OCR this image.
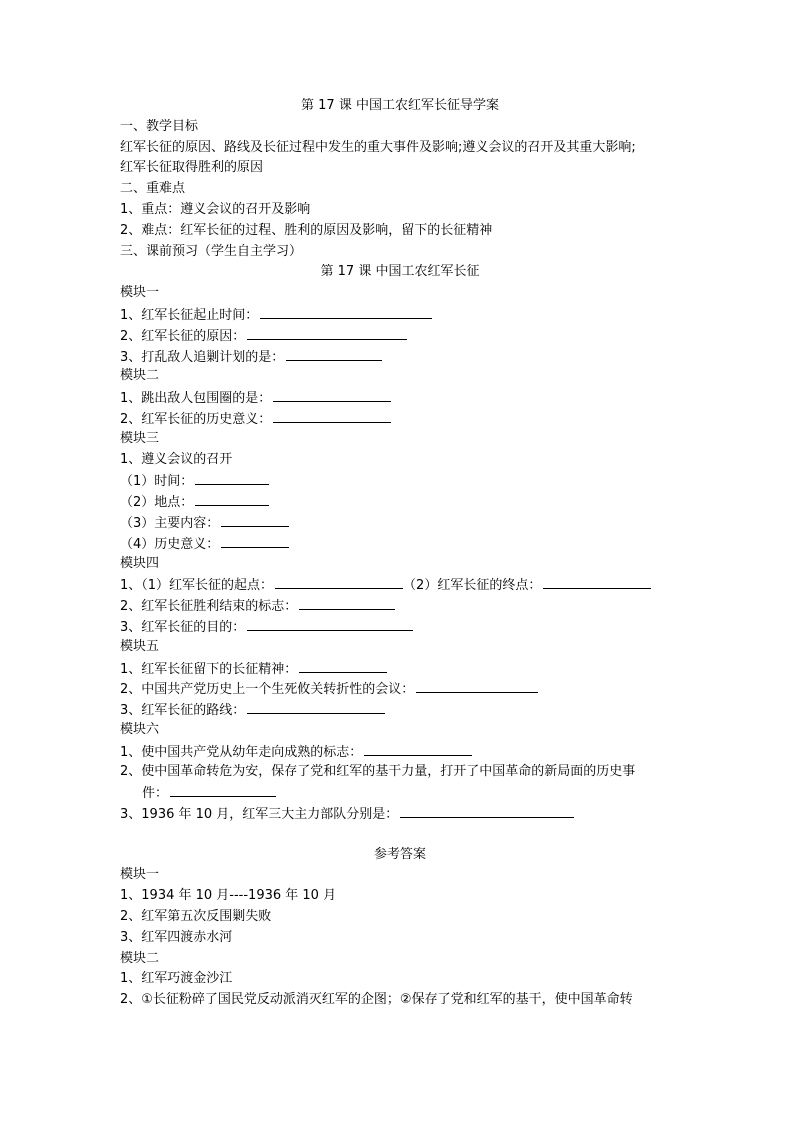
第 17 课 中国工农红军长征导学案
一、教学目标
红军长征的原因、路线及长征过程中发生的重大事件及影响;遵义会议的召开及其重大影响;
红军长征取得胜利的原因
二、重难点
1、重点：遵义会议的召开及影响
2、难点：红军长征的过程、胜利的原因及影响，留下的长征精神
三、课前预习（学生自主学习）
第 17 课 中国工农红军长征
模块一
1、红军长征起止时间：
2、红军长征的原因：
3、打乱敌人追剿计划的是：
模块二
1、跳出敌人包围圈的是：
2、红军长征的历史意义：
模块三
1、遵义会议的召开
（1）时间：
（2）地点：
（3）主要内容：
（4）历史意义：
模块四
1、（1）红军长征的起点：	（2）红军长征的终点：
2、红军长征胜利结束的标志：
3、红军长征的目的：
模块五
1、红军长征留下的长征精神：
2、中国共产党历史上一个生死攸关转折性的会议：
3、红军长征的路线：
模块六
1、使中国共产党从幼年走向成熟的标志：
2、使中国革命转危为安，保存了党和红军的基干力量，打开了中国革命的新局面的历史事
件：
3、1936 年 10 月，红军三大主力部队分别是：
参考答案
模块一
1、1934 年 10 月----1936 年 10 月
2、红军第五次反围剿失败
3、红军四渡赤水河
模块二
1、红军巧渡金沙江
2、①长征粉碎了国民党反动派消灭红军的企图；②保存了党和红军的基干，使中国革命转
